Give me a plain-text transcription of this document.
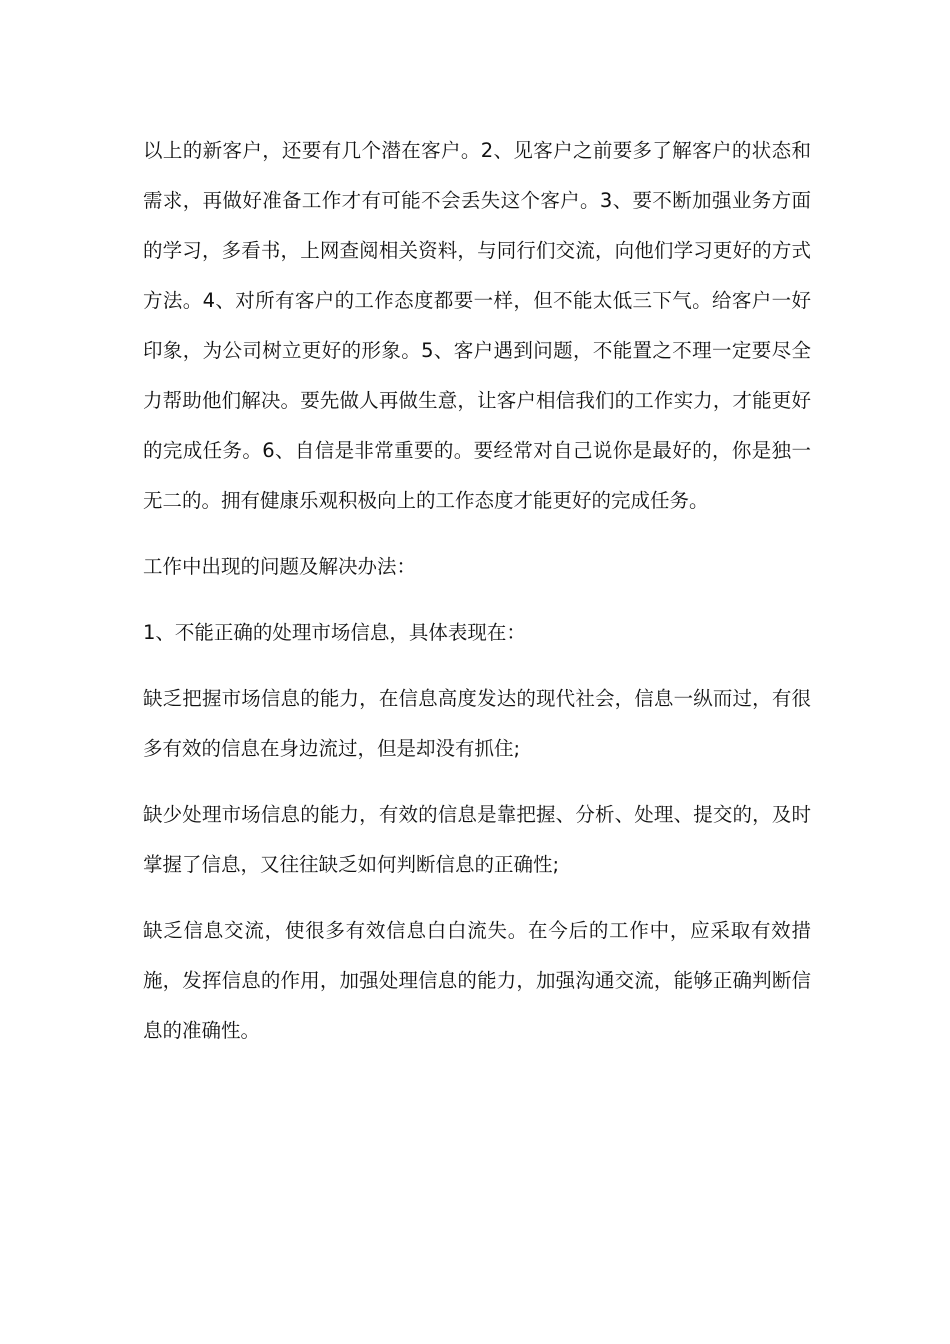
以上的新客户，还要有几个潜在客户。2、见客户之前要多了解客户的状态和需求，再做好准备工作才有可能不会丢失这个客户。3、要不断加强业务方面的学习，多看书，上网查阅相关资料，与同行们交流，向他们学习更好的方式方法。4、对所有客户的工作态度都要一样，但不能太低三下气。给客户一好印象，为公司树立更好的形象。5、客户遇到问题，不能置之不理一定要尽全力帮助他们解决。要先做人再做生意，让客户相信我们的工作实力，才能更好的完成任务。6、自信是非常重要的。要经常对自己说你是最好的，你是独一无二的。拥有健康乐观积极向上的工作态度才能更好的完成任务。

工作中出现的问题及解决办法：

1、不能正确的处理市场信息，具体表现在：

缺乏把握市场信息的能力，在信息高度发达的现代社会，信息一纵而过，有很多有效的信息在身边流过，但是却没有抓住;

缺少处理市场信息的能力，有效的信息是靠把握、分析、处理、提交的，及时掌握了信息，又往往缺乏如何判断信息的正确性;

缺乏信息交流，使很多有效信息白白流失。在今后的工作中，应采取有效措施，发挥信息的作用，加强处理信息的能力，加强沟通交流，能够正确判断信息的准确性。
